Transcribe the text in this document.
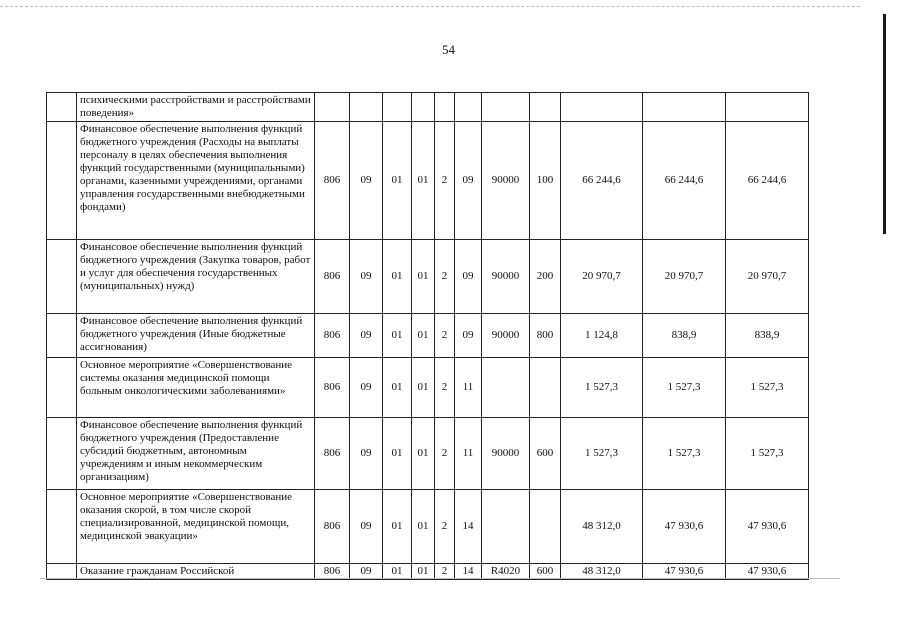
54
	психическими расстройствами и расстройствами поведения»											
	Финансовое обеспечение выполнения функций бюджетного учреждения (Расходы на выплаты персоналу в целях обеспечения выполнения функций государственными (муниципальными) органами, казенными учреждениями, органами управления государственными внебюджетными фондами)	806	09	01	01	2	09	90000	100	66 244,6	66 244,6	66 244,6
	Финансовое обеспечение выполнения функций бюджетного учреждения (Закупка товаров, работ и услуг для обеспечения государственных (муниципальных) нужд)	806	09	01	01	2	09	90000	200	20 970,7	20 970,7	20 970,7
	Финансовое обеспечение выполнения функций бюджетного учреждения (Иные бюджетные ассигнования)	806	09	01	01	2	09	90000	800	1 124,8	838,9	838,9
	Основное мероприятие «Совершенствование системы оказания медицинской помощи больным онкологическими заболеваниями»	806	09	01	01	2	11			1 527,3	1 527,3	1 527,3
	Финансовое обеспечение выполнения функций бюджетного учреждения (Предоставление субсидий бюджетным, автономным учреждениям и иным некоммерческим организациям)	806	09	01	01	2	11	90000	600	1 527,3	1 527,3	1 527,3
	Основное мероприятие «Совершенствование оказания скорой, в том числе скорой специализированной, медицинской помощи, медицинской эвакуации»	806	09	01	01	2	14			48 312,0	47 930,6	47 930,6
	Оказание гражданам Российской	806	09	01	01	2	14	R4020	600	48 312,0	47 930,6	47 930,6
